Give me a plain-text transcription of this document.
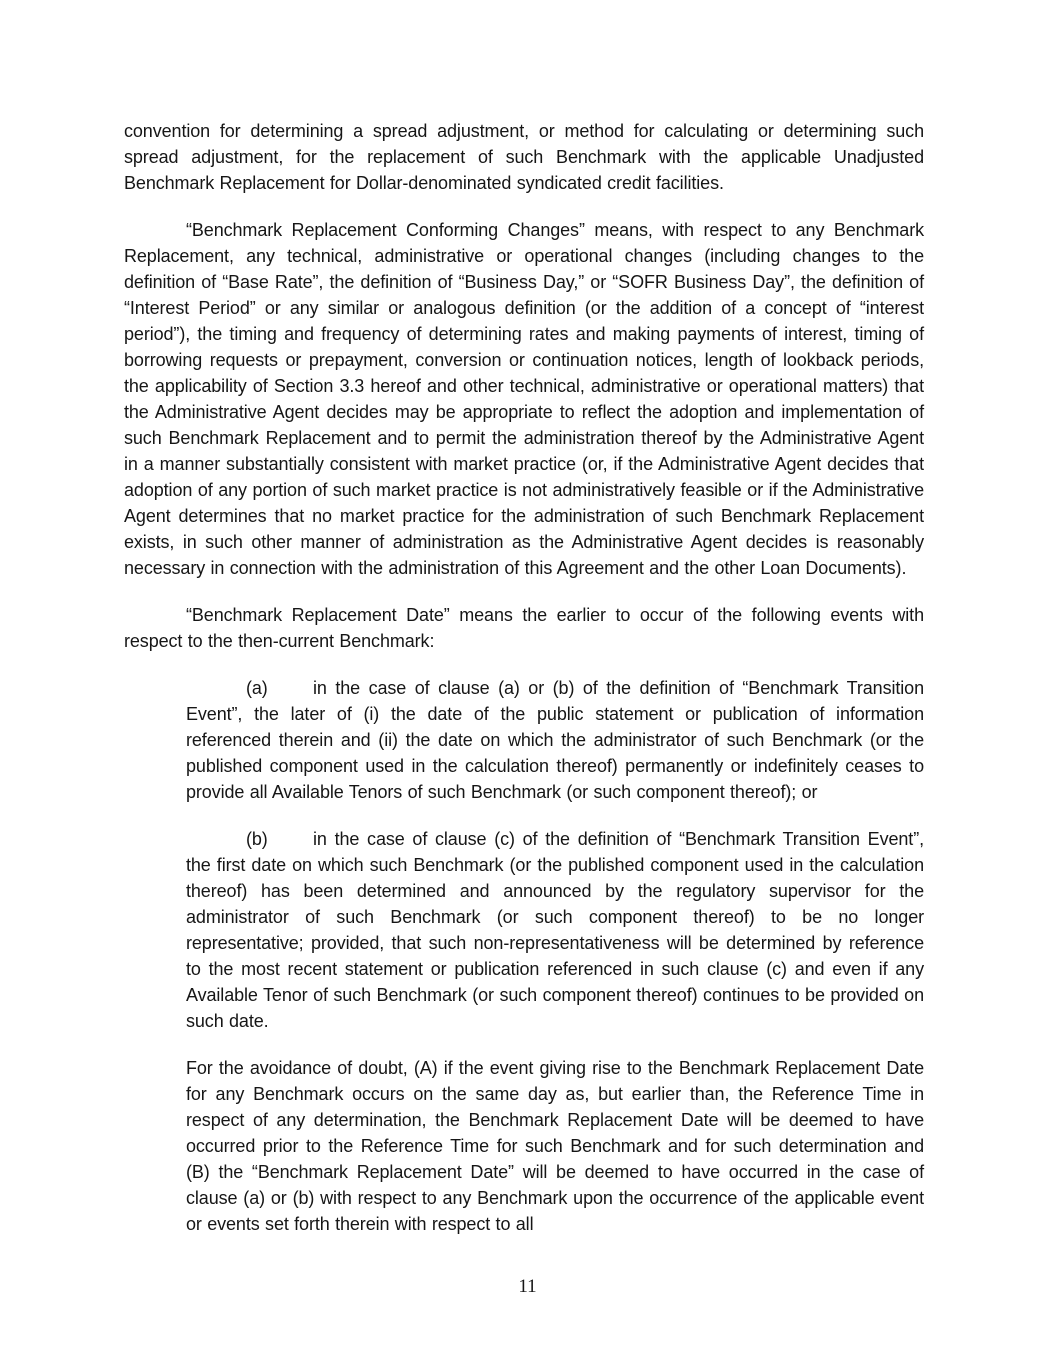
convention for determining a spread adjustment, or method for calculating or determining such spread adjustment, for the replacement of such Benchmark with the applicable Unadjusted Benchmark Replacement for Dollar-denominated syndicated credit facilities.

“Benchmark Replacement Conforming Changes” means, with respect to any Benchmark Replacement, any technical, administrative or operational changes (including changes to the definition of “Base Rate”, the definition of “Business Day,” or “SOFR Business Day”, the definition of “Interest Period” or any similar or analogous definition (or the addition of a concept of “interest period”), the timing and frequency of determining rates and making payments of interest, timing of borrowing requests or prepayment, conversion or continuation notices, length of lookback periods, the applicability of Section 3.3 hereof and other technical, administrative or operational matters) that the Administrative Agent decides may be appropriate to reflect the adoption and implementation of such Benchmark Replacement and to permit the administration thereof by the Administrative Agent in a manner substantially consistent with market practice (or, if the Administrative Agent decides that adoption of any portion of such market practice is not administratively feasible or if the Administrative Agent determines that no market practice for the administration of such Benchmark Replacement exists, in such other manner of administration as the Administrative Agent decides is reasonably necessary in connection with the administration of this Agreement and the other Loan Documents).

“Benchmark Replacement Date” means the earlier to occur of the following events with respect to the then-current Benchmark:

(a)	in the case of clause (a) or (b) of the definition of “Benchmark Transition Event”, the later of (i) the date of the public statement or publication of information referenced therein and (ii) the date on which the administrator of such Benchmark (or the published component used in the calculation thereof) permanently or indefinitely ceases to provide all Available Tenors of such Benchmark (or such component thereof); or

(b)	in the case of clause (c) of the definition of “Benchmark Transition Event”, the first date on which such Benchmark (or the published component used in the calculation thereof) has been determined and announced by the regulatory supervisor for the administrator of such Benchmark (or such component thereof) to be no longer representative; provided, that such non-representativeness will be determined by reference to the most recent statement or publication referenced in such clause (c) and even if any Available Tenor of such Benchmark (or such component thereof) continues to be provided on such date.

For the avoidance of doubt, (A) if the event giving rise to the Benchmark Replacement Date for any Benchmark occurs on the same day as, but earlier than, the Reference Time in respect of any determination, the Benchmark Replacement Date will be deemed to have occurred prior to the Reference Time for such Benchmark and for such determination and (B) the “Benchmark Replacement Date” will be deemed to have occurred in the case of clause (a) or (b) with respect to any Benchmark upon the occurrence of the applicable event or events set forth therein with respect to all

11
